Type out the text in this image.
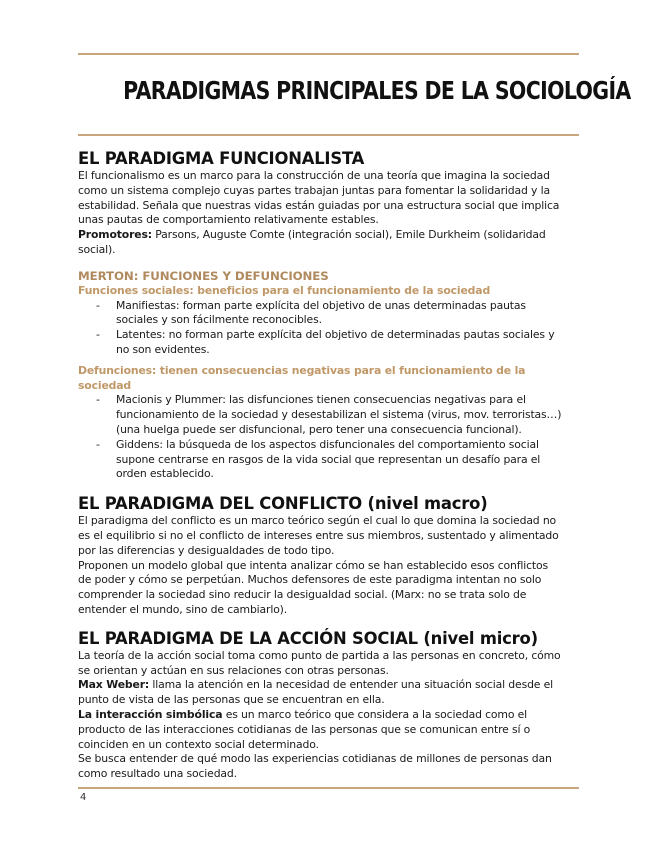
PARADIGMAS PRINCIPALES DE LA SOCIOLOGÍA
EL PARADIGMA FUNCIONALISTA

El funcionalismo es un marco para la construcción de una teoría que imagina la sociedad

como un sistema complejo cuyas partes trabajan juntas para fomentar la solidaridad y la

estabilidad. Señala que nuestras vidas están guiadas por una estructura social que implica

unas pautas de comportamiento relativamente estables.

Promotores: Parsons, Auguste Comte (integración social), Emile Durkheim (solidaridad

social).

MERTON: FUNCIONES Y DEFUNCIONES

Funciones sociales: beneficios para el funcionamiento de la sociedad

- Manifiestas: forman parte explícita del objetivo de unas determinadas pautas
sociales y son fácilmente reconocibles.
- Latentes: no forman parte explícita del objetivo de determinadas pautas sociales y
no son evidentes.

Defunciones: tienen consecuencias negativas para el funcionamiento de la sociedad

- Macionis y Plummer: las disfunciones tienen consecuencias negativas para el
funcionamiento de la sociedad y desestabilizan el sistema (virus, mov. terroristas…)
(una huelga puede ser disfuncional, pero tener una consecuencia funcional).
- Giddens: la búsqueda de los aspectos disfuncionales del comportamiento social
supone centrarse en rasgos de la vida social que representan un desafío para el
orden establecido.
EL PARADIGMA DEL CONFLICTO (nivel macro)

El paradigma del conflicto es un marco teórico según el cual lo que domina la sociedad no

es el equilibrio si no el conflicto de intereses entre sus miembros, sustentado y alimentado

por las diferencias y desigualdades de todo tipo.

Proponen un modelo global que intenta analizar cómo se han establecido esos conflictos

de poder y cómo se perpetúan. Muchos defensores de este paradigma intentan no solo

comprender la sociedad sino reducir la desigualdad social. (Marx: no se trata solo de

entender el mundo, sino de cambiarlo).

EL PARADIGMA DE LA ACCIÓN SOCIAL (nivel micro)

La teoría de la acción social toma como punto de partida a las personas en concreto, cómo

se orientan y actúan en sus relaciones con otras personas.

Max Weber: llama la atención en la necesidad de entender una situación social desde el

punto de vista de las personas que se encuentran en ella.

La interacción simbólica es un marco teórico que considera a la sociedad como el

producto de las interacciones cotidianas de las personas que se comunican entre sí o

coinciden en un contexto social determinado.

Se busca entender de qué modo las experiencias cotidianas de millones de personas dan

como resultado una sociedad.

4
